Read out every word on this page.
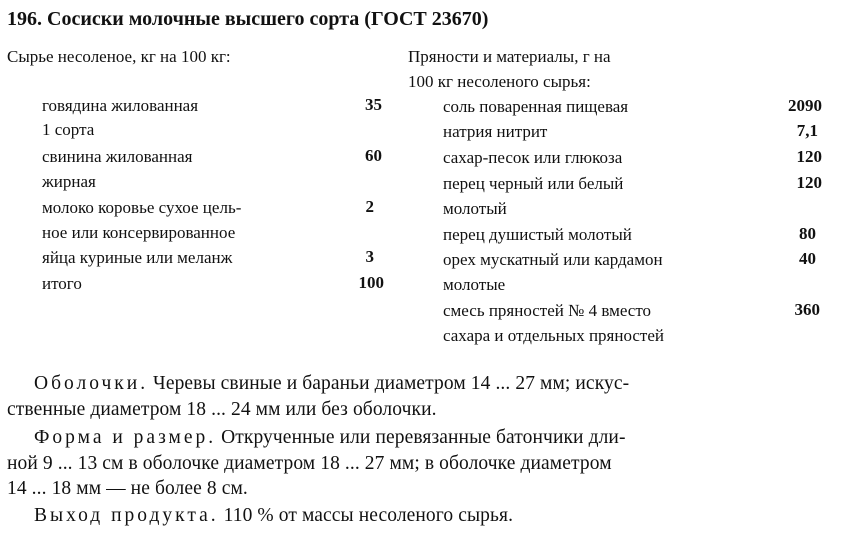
196. Сосиски молочные высшего сорта (ГОСТ 23670)
Сырье несоленое, кг на 100 кг:
говядина жилованная	35
1 сорта
свинина жилованная	60
жирная
молоко коровье сухое цель-	2
ное или консервированное
яйца куриные или меланж	3
итого	100
Пряности и материалы, г на
100 кг несоленого сырья:
соль поваренная пищевая	2090
натрия нитрит	7,1
сахар-песок или глюкоза	120
перец черный или белый	120
молотый
перец душистый молотый	80
орех мускатный или кардамон	40
молотые
смесь пряностей № 4 вместо	360
сахара и отдельных пряностей
Оболочки. Черевы свиные и бараньи диаметром 14 ... 27 мм; искус-
ственные диаметром 18 ... 24 мм или без оболочки.
Форма и размер. Открученные или перевязанные батончики дли-
ной 9 ... 13 см в оболочке диаметром 18 ... 27 мм; в оболочке диаметром
14 ... 18 мм — не более 8 см.
Выход продукта. 110 % от массы несоленого сырья.
